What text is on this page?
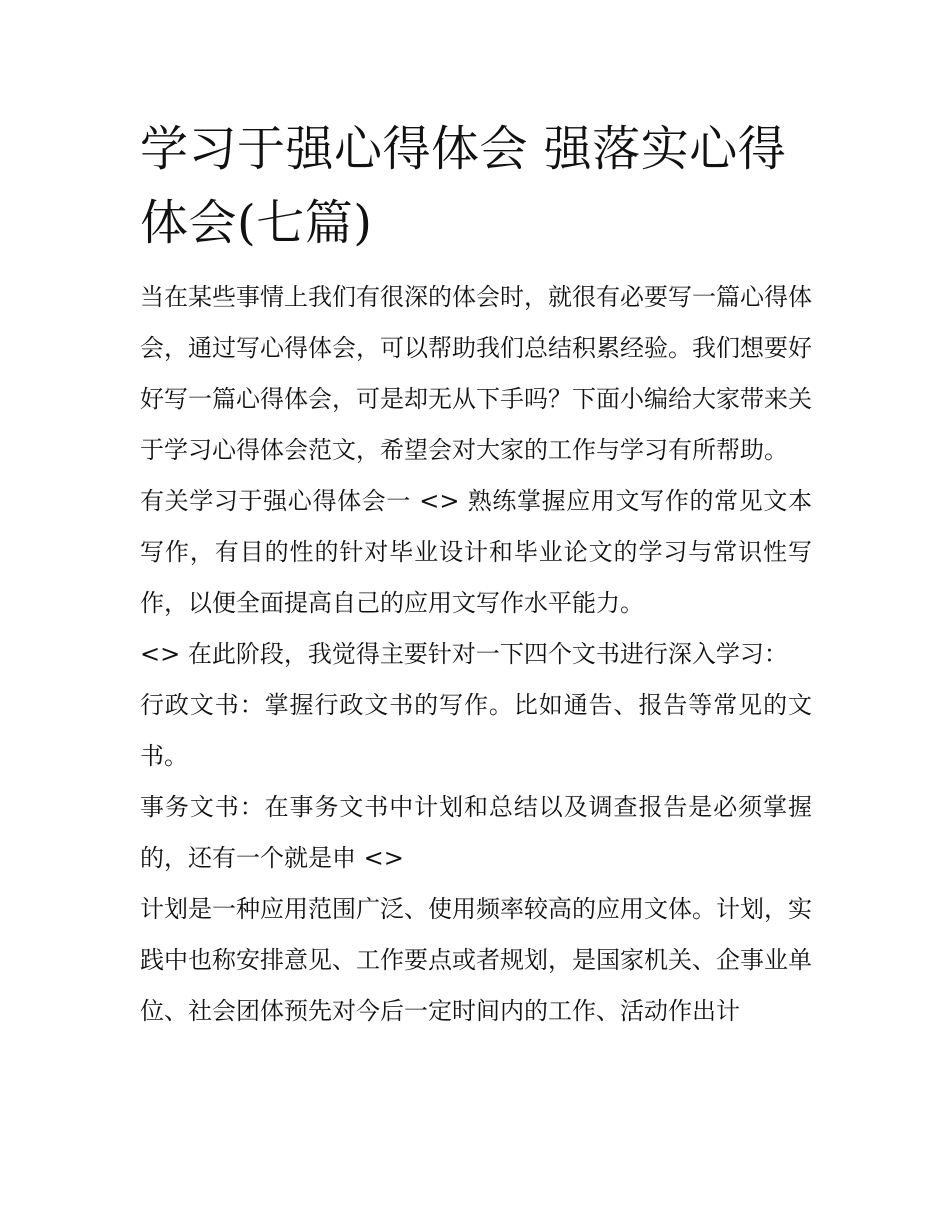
学习于强心得体会 强落实心得体会(七篇)

当在某些事情上我们有很深的体会时，就很有必要写一篇心得体会，通过写心得体会，可以帮助我们总结积累经验。我们想要好好写一篇心得体会，可是却无从下手吗？下面小编给大家带来关于学习心得体会范文，希望会对大家的工作与学习有所帮助。

有关学习于强心得体会一 <> 熟练掌握应用文写作的常见文本写作，有目的性的针对毕业设计和毕业论文的学习与常识性写作，以便全面提高自己的应用文写作水平能力。

<> 在此阶段，我觉得主要针对一下四个文书进行深入学习：

行政文书：掌握行政文书的写作。比如通告、报告等常见的文书。

事务文书：在事务文书中计划和总结以及调查报告是必须掌握的，还有一个就是申 <>

计划是一种应用范围广泛、使用频率较高的应用文体。计划，实践中也称安排意见、工作要点或者规划，是国家机关、企事业单位、社会团体预先对今后一定时间内的工作、活动作出计
